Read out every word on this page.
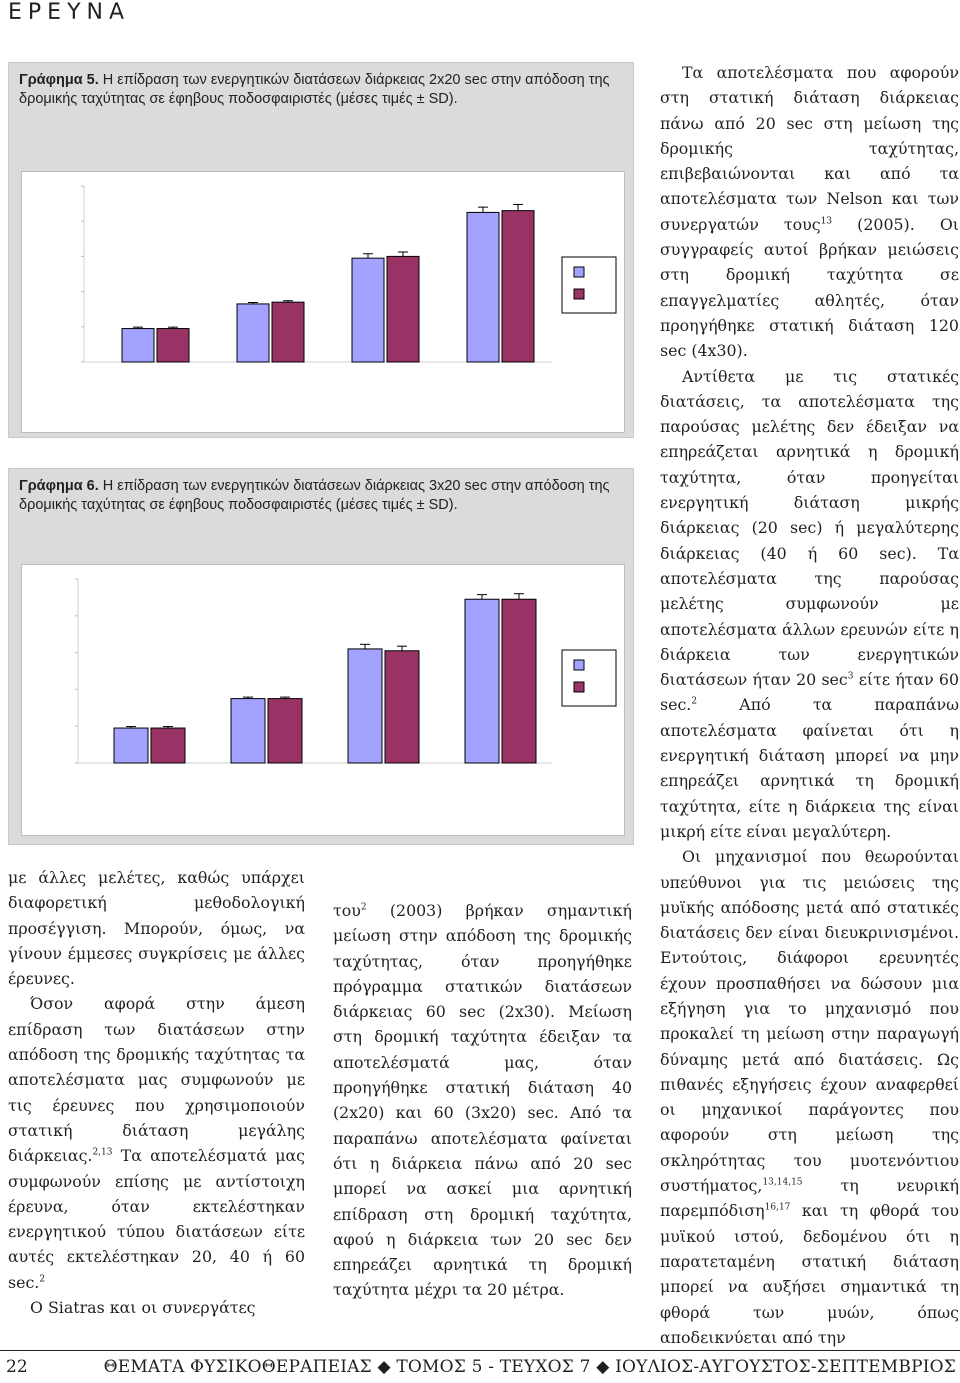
ΕΡΕΥΝΑ
Γράφημα 5. Η επίδραση των ενεργητικών διατάσεων διάρκειας 2x20 sec στην απόδοση της δρομικής ταχύτητας σε έφηβους ποδοσφαιριστές (μέσες τιμές ± SD).
Γράφημα 6. Η επίδραση των ενεργητικών διατάσεων διάρκειας 3x20 sec στην απόδοση της δρομικής ταχύτητας σε έφηβους ποδοσφαιριστές (μέσες τιμές ± SD).

με άλλες μελέτες, καθώς υπάρχει διαφορετική μεθοδολογική προσέγγιση. Μπορούν, όμως, να γίνουν έμμεσες συγκρίσεις με άλλες έρευνες.

Όσον αφορά στην άμεση επίδραση των διατάσεων στην απόδοση της δρομικής ταχύτητας τα αποτελέσματα μας συμφωνούν με τις έρευνες που χρησιμοποιούν στατική διάταση μεγάλης διάρκειας.$^{2,13}$ Τα αποτελέσματά μας συμφωνούν επίσης με αντίστοιχη έρευνα, όταν εκτελέστηκαν ενεργητικού τύπου διατάσεων είτε αυτές εκτελέστηκαν 20, 40 ή 60 sec.$^2$

Ο Siatras και οι συνεργάτες

του$^2$ (2003) βρήκαν σημαντική μείωση στην απόδοση της δρομικής ταχύτητας, όταν προηγήθηκε πρόγραμμα στατικών διατάσεων διάρκειας 60 sec (2x30). Μείωση στη δρομική ταχύτητα έδειξαν τα αποτελέσματά μας, όταν προηγήθηκε στατική διάταση 40 (2x20) και 60 (3x20) sec. Από τα παραπάνω αποτελέσματα φαίνεται ότι η διάρκεια πάνω από 20 sec μπορεί να ασκεί μια αρνητική επίδραση στη δρομική ταχύτητα, αφού η διάρκεια των 20 sec δεν επηρεάζει αρνητικά τη δρομική ταχύτητα μέχρι τα 20 μέτρα.

Τα αποτελέσματα που αφορούν στη στατική διάταση διάρκειας πάνω από 20 sec στη μείωση της δρομικής ταχύτητας, επιβεβαιώνονται και από τα αποτελέσματα των Nelson και των συνεργατών τους$^{13}$ (2005). Οι συγγραφείς αυτοί βρήκαν μειώσεις στη δρομική ταχύτητα σε επαγγελματίες αθλητές, όταν προηγήθηκε στατική διάταση 120 sec (4x30).

Αντίθετα με τις στατικές διατάσεις, τα αποτελέσματα της παρούσας μελέτης δεν έδειξαν να επηρεάζεται αρνητικά η δρομική ταχύτητα, όταν προηγείται ενεργητική διάταση μικρής διάρκειας (20 sec) ή μεγαλύτερης διάρκειας (40 ή 60 sec). Τα αποτελέσματα της παρούσας μελέτης συμφωνούν με αποτελέσματα άλλων ερευνών είτε η διάρκεια των ενεργητικών διατάσεων ήταν 20 $\sec^3 \varepsilon ί\tau\varepsilon$ ήταν 60 sec.$^2$ Από τα παραπάνω αποτελέσματα φαίνεται ότι η ενεργητική διάταση μπορεί να μην επηρεάζει αρνητικά τη δρομική ταχύτητα, είτε η διάρκεια της είναι μικρή είτε είναι μεγαλύτερη.

Οι μηχανισμοί που θεωρούνται υπεύθυνοι για τις μειώσεις της μυϊκής απόδοσης μετά από στατικές διατάσεις δεν είναι διευκρινισμένοι. Εντούτοις, διάφοροι ερευνητές έχουν προσπαθήσει να δώσουν μια εξήγηση για το μηχανισμό που προκαλεί τη μείωση στην παραγωγή δύναμης μετά από διατάσεις. Ως πιθανές εξηγήσεις έχουν αναφερθεί οι μηχανικοί παράγοντες που αφορούν στη μείωση της σκληρότητας του μυοτενόντιου συστήματος,$^{13,14,15}$ τη νευρική παρεμπόδιση$^{16,17}$ και τη φθορά του μυϊκού ιστού, δεδομένου ότι η παρατεταμένη στατική διάταση μπορεί να αυξήσει σημαντικά τη φθορά των μυών, όπως αποδεικνύεται από την

22	ΘΕΜΑΤΑ ΦΥΣΙΚΟΘΕΡΑΠΕΙΑΣ ◆ ΤΟΜΟΣ 5 - ΤΕΥΧΟΣ 7 ◆ ΙΟΥΛΙΟΣ-ΑΥΓΟΥΣΤΟΣ-ΣΕΠΤΕΜΒΡΙΟΣ
